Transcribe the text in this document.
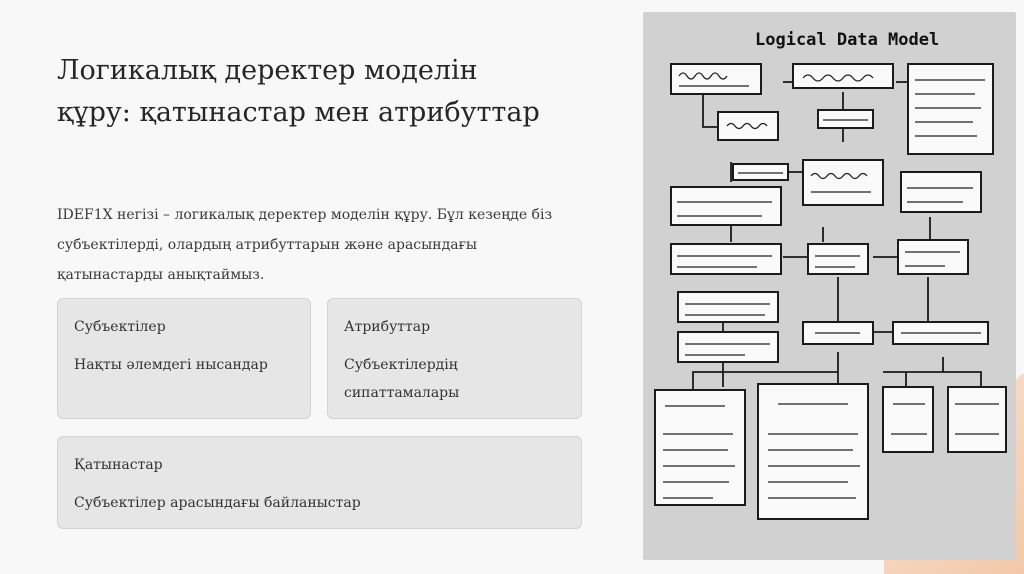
Логикалық деректер моделін
құру: қатынастар мен атрибуттар

IDEF1X негізі – логикалық деректер моделін құру. Бұл кезеңде біз субъектілерді, олардың атрибуттарын және арасындағы қатынастарды анықтаймыз.

Субъектілер

Нақты әлемдегі нысандар

Атрибуттар

Субъектілердің сипаттамалары

Қатынастар

Субъектілер арасындағы байланыстар

Logical Data Model
